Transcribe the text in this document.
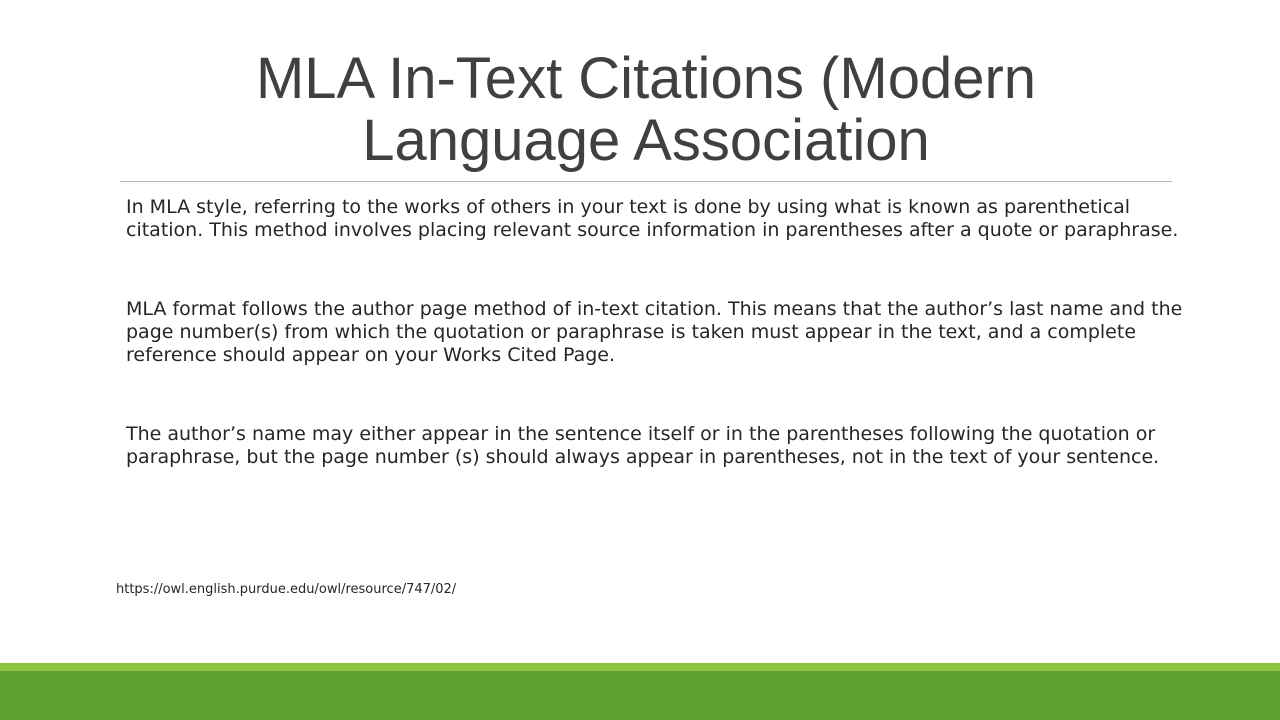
MLA In-Text Citations (Modern Language Association

In MLA style, referring to the works of others in your text is done by using what is known as parenthetical citation. This method involves placing relevant source information in parentheses after a quote or paraphrase.

MLA format follows the author page method of in-text citation. This means that the author’s last name and the page number(s) from which the quotation or paraphrase is taken must appear in the text, and a complete reference should appear on your Works Cited Page.

The author’s name may either appear in the sentence itself or in the parentheses following the quotation or paraphrase, but the page number (s) should always appear in parentheses, not in the text of your sentence.

https://owl.english.purdue.edu/owl/resource/747/02/
